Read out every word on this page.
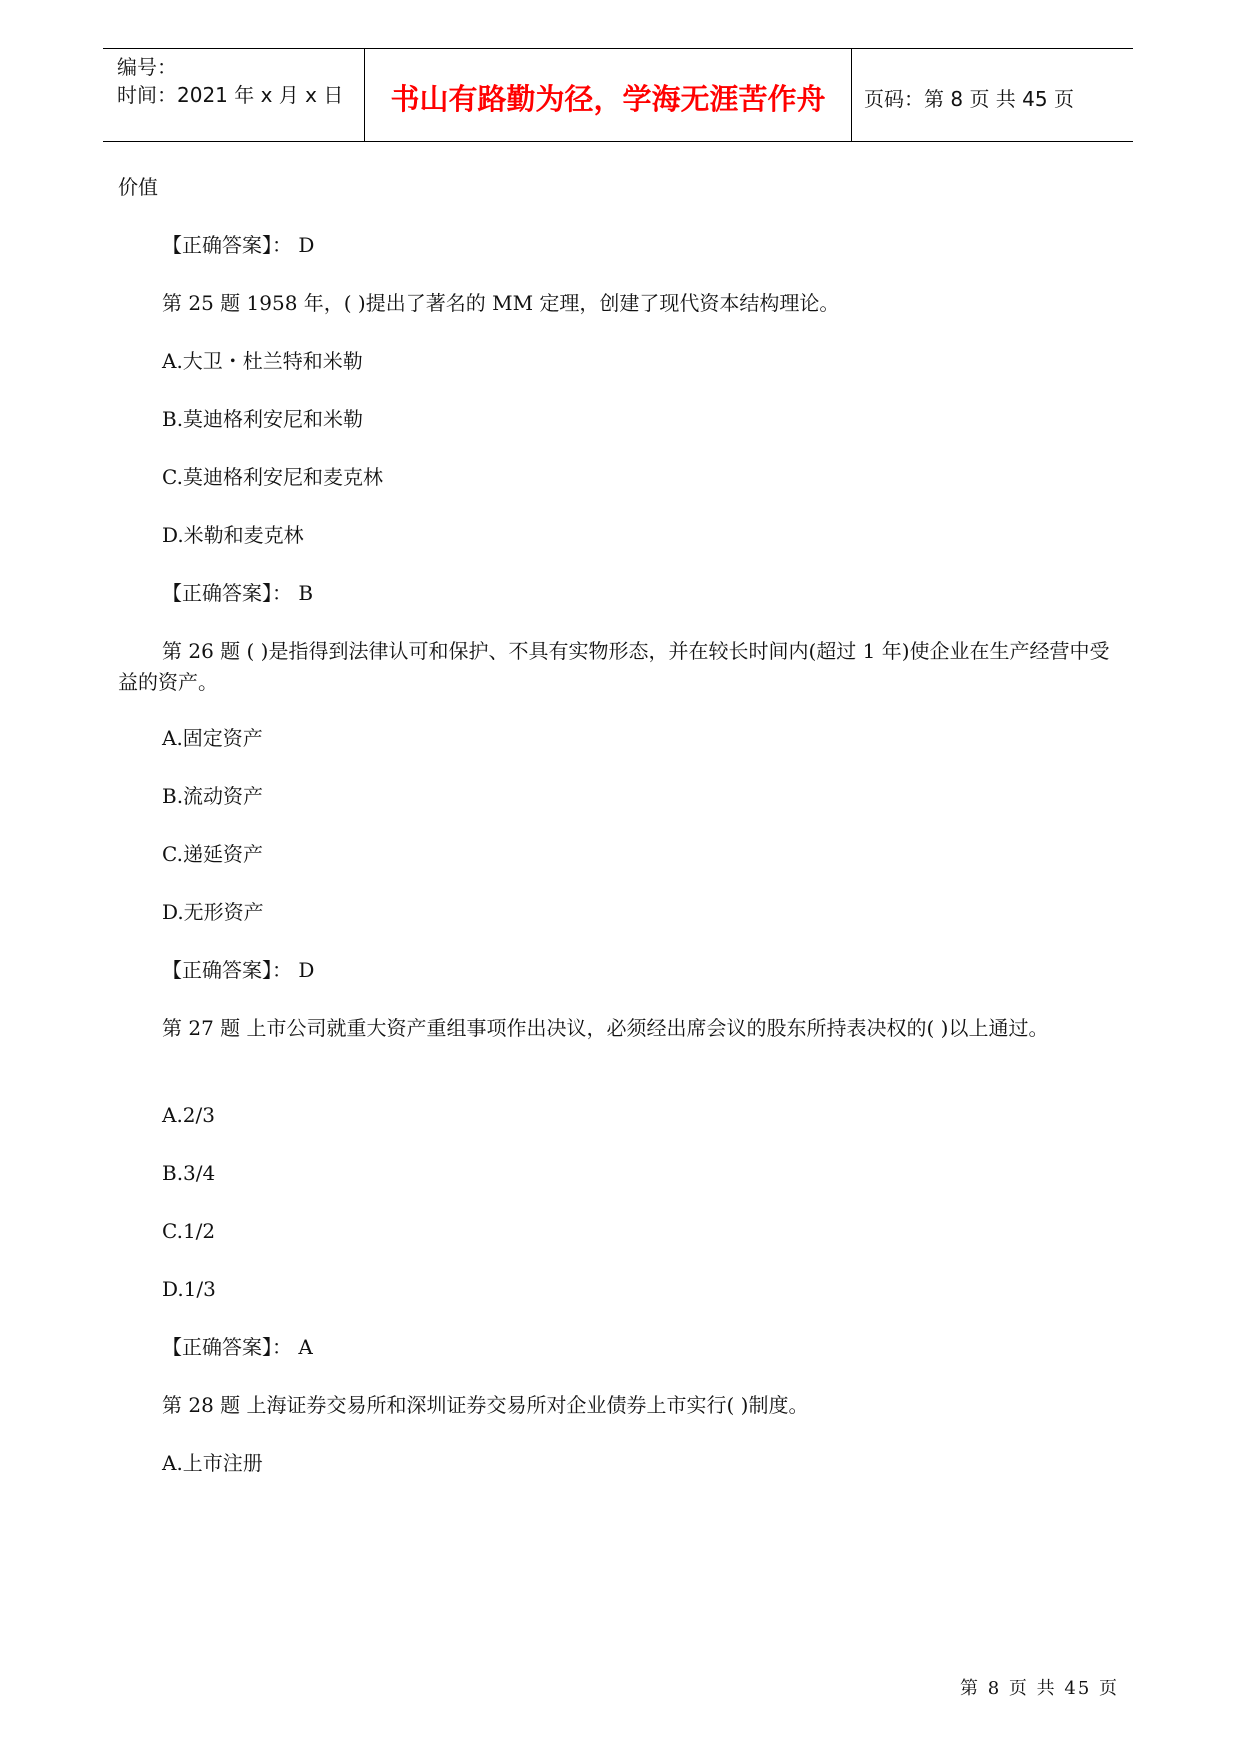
编号：
时间：2021 年 x 月 x 日	书山有路勤为径，学海无涯苦作舟	页码：第 8 页 共 45 页
价值
【正确答案】： D
第 25 题 1958 年，( )提出了著名的 MM 定理，创建了现代资本结构理论。
A.大卫・杜兰特和米勒
B.莫迪格利安尼和米勒
C.莫迪格利安尼和麦克林
D.米勒和麦克林
【正确答案】： B
第 26 题 ( )是指得到法律认可和保护、不具有实物形态，并在较长时间内(超过 1 年)使企业在生产经营中受益的资产。
A.固定资产
B.流动资产
C.递延资产
D.无形资产
【正确答案】： D
第 27 题 上市公司就重大资产重组事项作出决议，必须经出席会议的股东所持表决权的( )以上通过。
A.2/3
B.3/4
C.1/2
D.1/3
【正确答案】： A
第 28 题 上海证券交易所和深圳证券交易所对企业债券上市实行( )制度。
A.上市注册
第 8 页 共 45 页
